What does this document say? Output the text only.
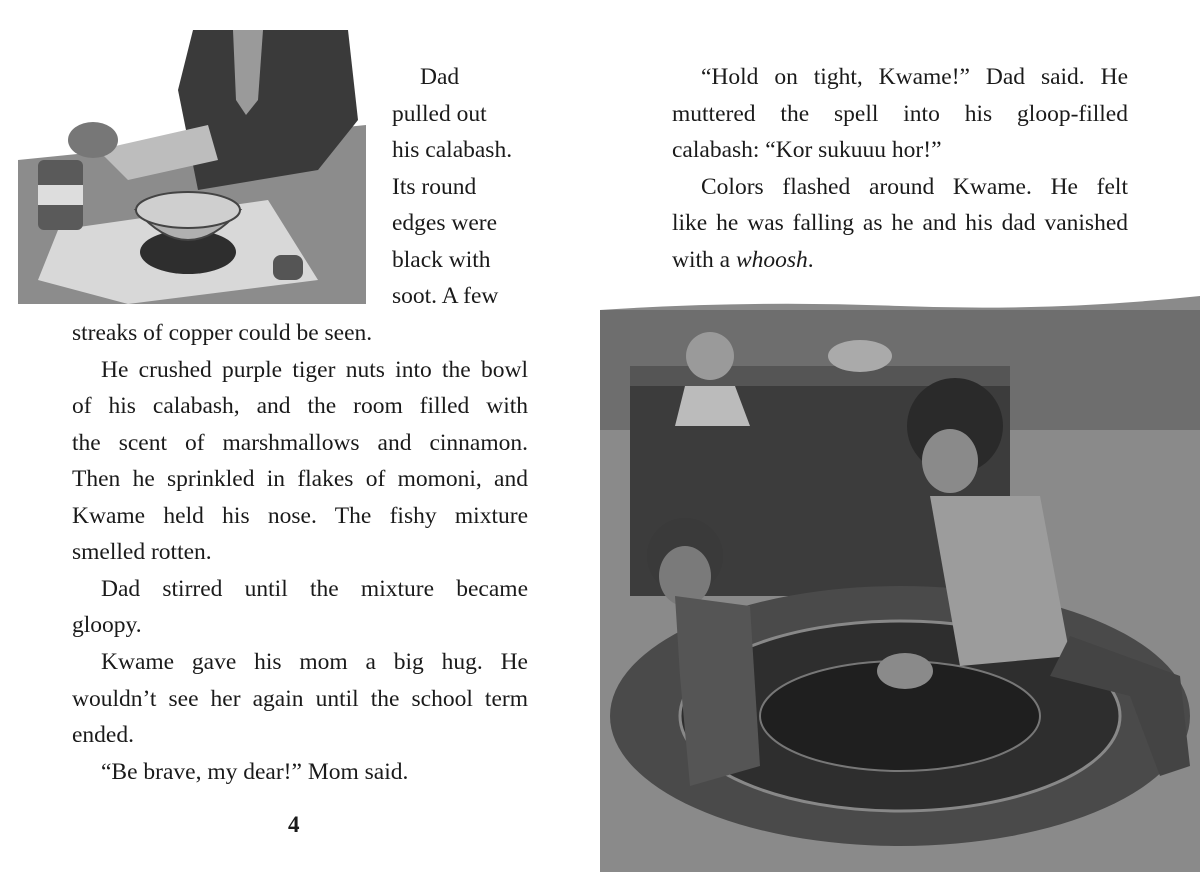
Dad
pulled out
his calabash.
Its round
edges were
black with
soot. A few
streaks of copper could be seen.
He crushed purple tiger nuts into the bowl
of his calabash, and the room filled with
the scent of marshmallows and cinnamon.
Then he sprinkled in flakes of momoni, and
Kwame held his nose. The fishy mixture
smelled rotten.
Dad stirred until the mixture became
gloopy.
Kwame gave his mom a big hug. He
wouldn’t see her again until the school term
ended.
“Be brave, my dear!” Mom said.
4
“Hold on tight, Kwame!” Dad said. He
muttered the spell into his gloop-filled
calabash: “Kor sukuuu hor!”
Colors flashed around Kwame. He felt
like he was falling as he and his dad vanished
with a whoosh.
